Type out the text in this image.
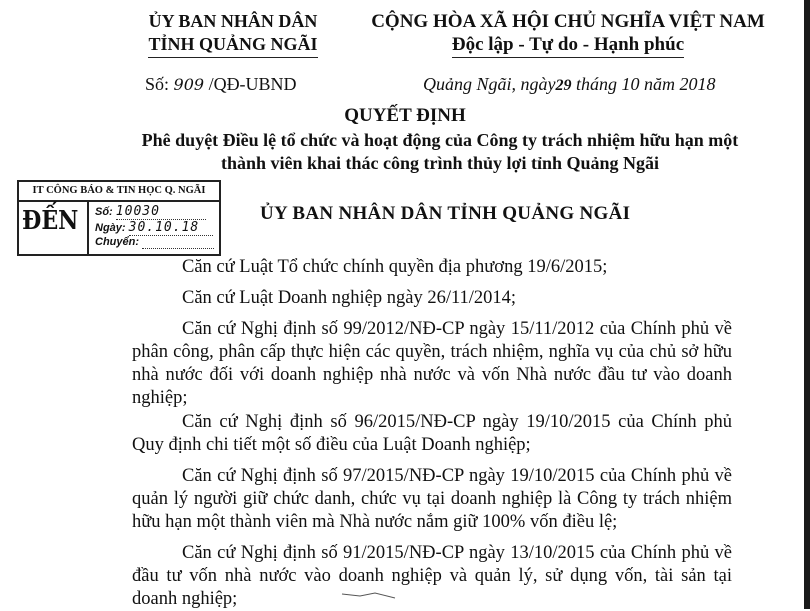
ỦY BAN NHÂN DÂN
TỈNH QUẢNG NGÃI
CỘNG HÒA XÃ HỘI CHỦ NGHĨA VIỆT NAM
Độc lập - Tự do - Hạnh phúc
Số: 909 /QĐ-UBND	Quảng Ngãi, ngày29 tháng 10 năm 2018
QUYẾT ĐỊNH
Phê duyệt Điều lệ tổ chức và hoạt động của Công ty trách nhiệm hữu hạn một thành viên khai thác công trình thủy lợi tỉnh Quảng Ngãi
IT CÔNG BÁO & TIN HỌC Q. NGÃI
ĐẾN Số: 10030
Ngày: 30.10.18
Chuyển:
ỦY BAN NHÂN DÂN TỈNH QUẢNG NGÃI
Căn cứ Luật Tổ chức chính quyền địa phương 19/6/2015;
Căn cứ Luật Doanh nghiệp ngày 26/11/2014;
Căn cứ Nghị định số 99/2012/NĐ-CP ngày 15/11/2012 của Chính phủ về phân công, phân cấp thực hiện các quyền, trách nhiệm, nghĩa vụ của chủ sở hữu nhà nước đối với doanh nghiệp nhà nước và vốn Nhà nước đầu tư vào doanh nghiệp;
Căn cứ Nghị định số 96/2015/NĐ-CP ngày 19/10/2015 của Chính phủ Quy định chi tiết một số điều của Luật Doanh nghiệp;
Căn cứ Nghị định số 97/2015/NĐ-CP ngày 19/10/2015 của Chính phủ về quản lý người giữ chức danh, chức vụ tại doanh nghiệp là Công ty trách nhiệm hữu hạn một thành viên mà Nhà nước nắm giữ 100% vốn điều lệ;
Căn cứ Nghị định số 91/2015/NĐ-CP ngày 13/10/2015 của Chính phủ về đầu tư vốn nhà nước vào doanh nghiệp và quản lý, sử dụng vốn, tài sản tại doanh nghiệp;
